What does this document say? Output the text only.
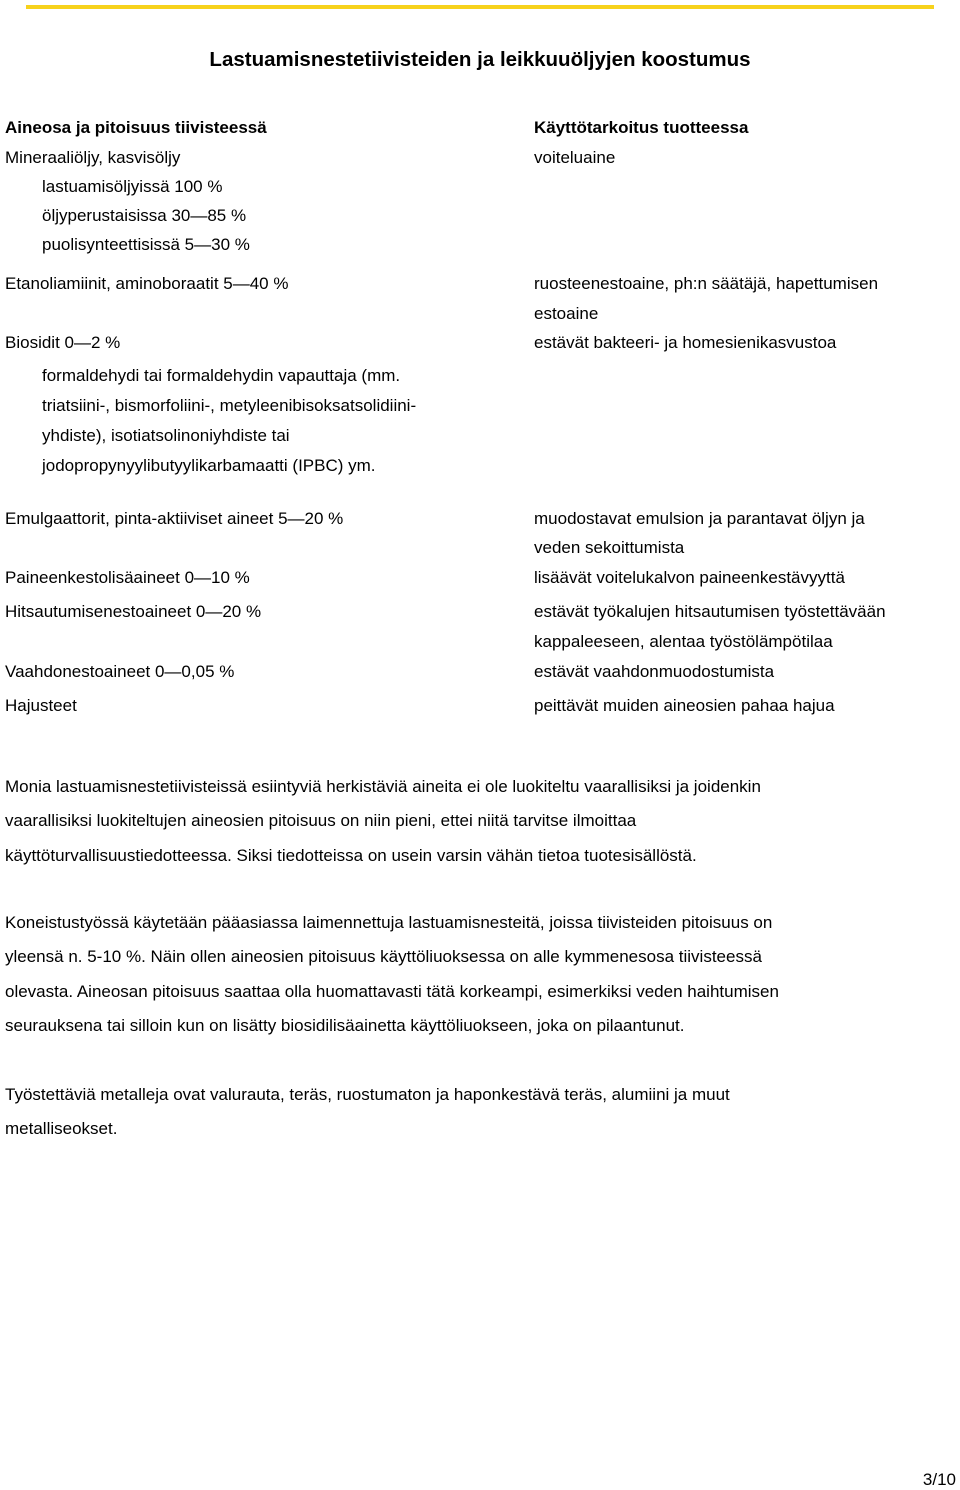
Lastuamisnestetiivisteiden ja leikkuuöljyjen koostumus
Aineosa ja pitoisuus tiivisteessä	Käyttötarkoitus tuotteessa
Mineraaliöljy, kasvisöljy	voiteluaine
lastuamisöljyissä 100 %
öljyperustaisissa 30—85 %
puolisynteettisissä 5—30 %
Etanoliamiinit, aminoboraatit 5—40 %	ruosteenestoaine, ph:n säätäjä, hapettumisen
estoaine
Biosidit 0—2 %	estävät bakteeri- ja homesienikasvustoa
formaldehydi tai formaldehydin vapauttaja (mm.
triatsiini-, bismorfoliini-, metyleenibisoksatsolidiini-
yhdiste), isotiatsolinoniyhdiste tai
jodopropynyylibutyylikarbamaatti (IPBC) ym.
Emulgaattorit, pinta-aktiiviset aineet 5—20 %	muodostavat emulsion ja parantavat öljyn ja
veden sekoittumista
Paineenkestolisäaineet 0—10 %	lisäävät voitelukalvon paineenkestävyyttä
Hitsautumisenestoaineet 0—20 %	estävät työkalujen hitsautumisen työstettävään
kappaleeseen, alentaa työstölämpötilaa
Vaahdonestoaineet 0—0,05 %	estävät vaahdonmuodostumista
Hajusteet	peittävät muiden aineosien pahaa hajua
Monia lastuamisnestetiivisteissä esiintyviä herkistäviä aineita ei ole luokiteltu vaarallisiksi ja joidenkin
vaarallisiksi luokiteltujen aineosien pitoisuus on niin pieni, ettei niitä tarvitse ilmoittaa
käyttöturvallisuustiedotteessa. Siksi tiedotteissa on usein varsin vähän tietoa tuotesisällöstä.
Koneistustyössä käytetään pääasiassa laimennettuja lastuamisnesteitä, joissa tiivisteiden pitoisuus on
yleensä n. 5-10 %. Näin ollen aineosien pitoisuus käyttöliuoksessa on alle kymmenesosa tiivisteessä
olevasta. Aineosan pitoisuus saattaa olla huomattavasti tätä korkeampi, esimerkiksi veden haihtumisen
seurauksena tai silloin kun on lisätty biosidilisäainetta käyttöliuokseen, joka on pilaantunut.
Työstettäviä metalleja ovat valurauta, teräs, ruostumaton ja haponkestävä teräs, alumiini ja muut
metalliseokset.
3/10
